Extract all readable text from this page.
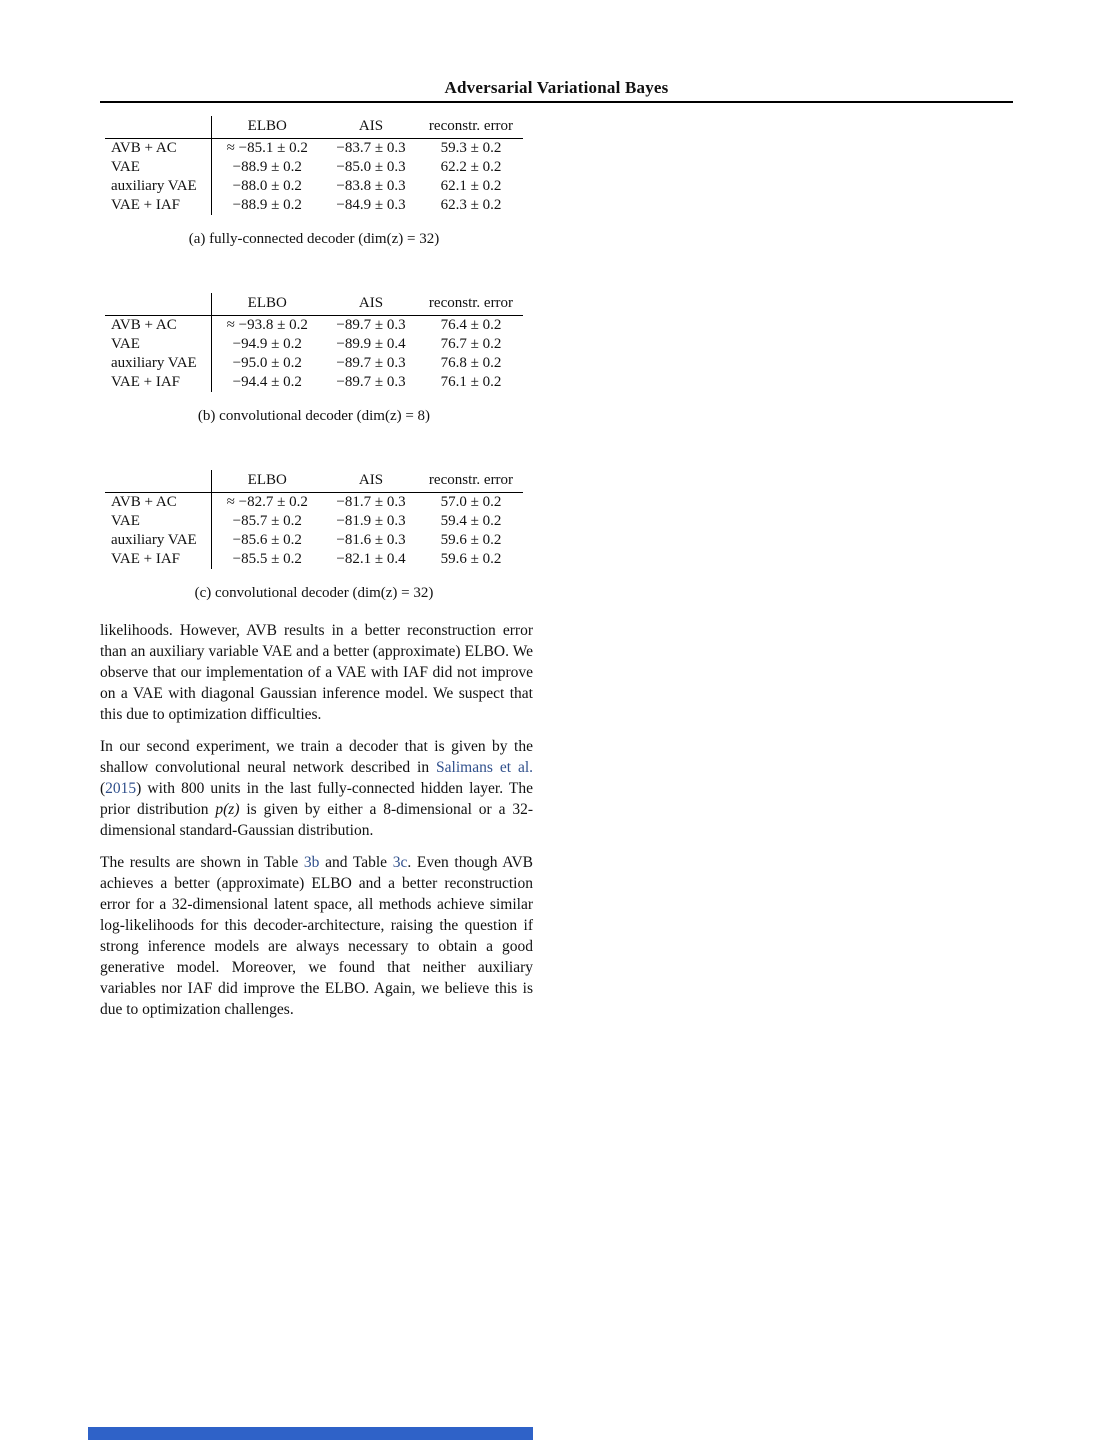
Adversarial Variational Bayes
	ELBO	AIS	reconstr. error
AVB + AC	≈ −85.1 ± 0.2	−83.7 ± 0.3	59.3 ± 0.2
VAE	−88.9 ± 0.2	−85.0 ± 0.3	62.2 ± 0.2
auxiliary VAE	−88.0 ± 0.2	−83.8 ± 0.3	62.1 ± 0.2
VAE + IAF	−88.9 ± 0.2	−84.9 ± 0.3	62.3 ± 0.2
(a) fully-connected decoder (dim(z) = 32)
	ELBO	AIS	reconstr. error
AVB + AC	≈ −93.8 ± 0.2	−89.7 ± 0.3	76.4 ± 0.2
VAE	−94.9 ± 0.2	−89.9 ± 0.4	76.7 ± 0.2
auxiliary VAE	−95.0 ± 0.2	−89.7 ± 0.3	76.8 ± 0.2
VAE + IAF	−94.4 ± 0.2	−89.7 ± 0.3	76.1 ± 0.2
(b) convolutional decoder (dim(z) = 8)
	ELBO	AIS	reconstr. error
AVB + AC	≈ −82.7 ± 0.2	−81.7 ± 0.3	57.0 ± 0.2
VAE	−85.7 ± 0.2	−81.9 ± 0.3	59.4 ± 0.2
auxiliary VAE	−85.6 ± 0.2	−81.6 ± 0.3	59.6 ± 0.2
VAE + IAF	−85.5 ± 0.2	−82.1 ± 0.4	59.6 ± 0.2
(c) convolutional decoder (dim(z) = 32)

likelihoods. However, AVB results in a better reconstruction error than an auxiliary variable VAE and a better (approximate) ELBO. We observe that our implementation of a VAE with IAF did not improve on a VAE with diagonal Gaussian inference model. We suspect that this due to optimization difficulties.

In our second experiment, we train a decoder that is given by the shallow convolutional neural network described in Salimans et al. (2015) with 800 units in the last fully-connected hidden layer. The prior distribution p(z) is given by either a 8-dimensional or a 32-dimensional standard-Gaussian distribution.

The results are shown in Table 3b and Table 3c. Even though AVB achieves a better (approximate) ELBO and a better reconstruction error for a 32-dimensional latent space, all methods achieve similar log-likelihoods for this decoder-architecture, raising the question if strong inference models are always necessary to obtain a good generative model. Moreover, we found that neither auxiliary variables nor IAF did improve the ELBO. Again, we believe this is due to optimization challenges.
